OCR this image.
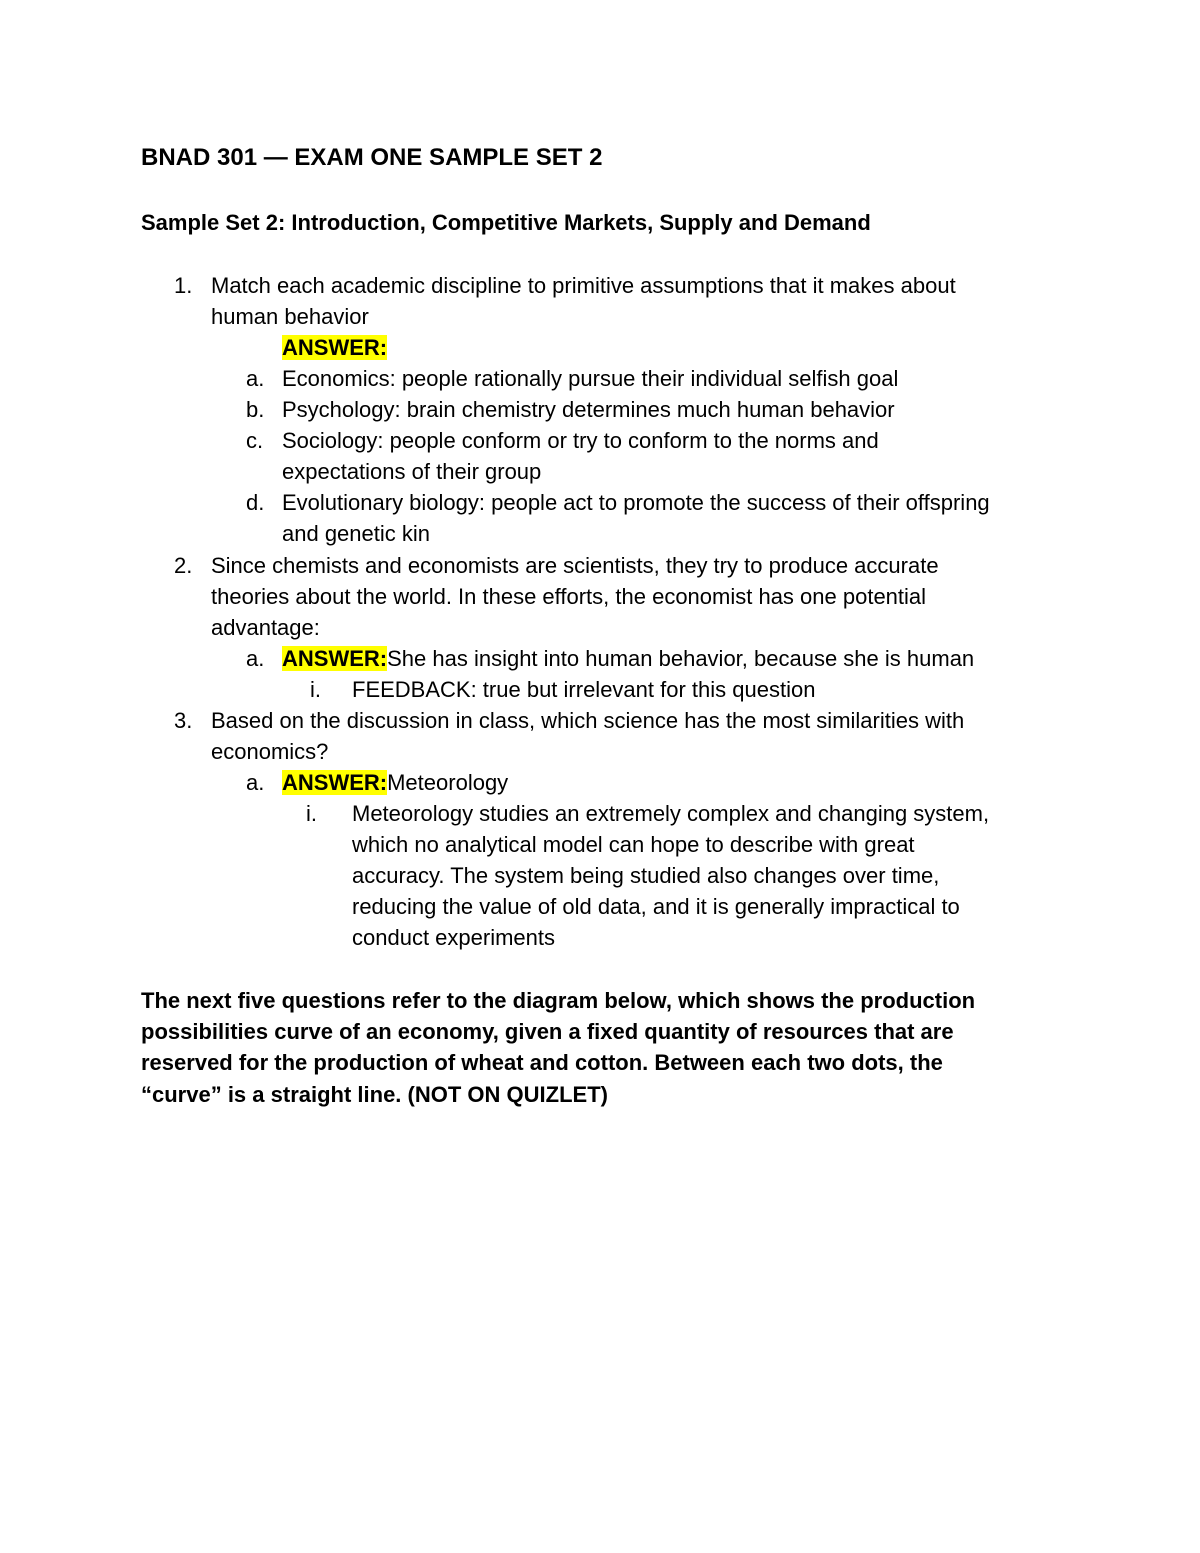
BNAD 301 — EXAM ONE SAMPLE SET 2
Sample Set 2: Introduction, Competitive Markets, Supply and Demand
1. Match each academic discipline to primitive assumptions that it makes about
human behavior
ANSWER:
a. Economics: people rationally pursue their individual selfish goal
b. Psychology: brain chemistry determines much human behavior
c. Sociology: people conform or try to conform to the norms and
expectations of their group
d. Evolutionary biology: people act to promote the success of their offspring
and genetic kin
2. Since chemists and economists are scientists, they try to produce accurate
theories about the world. In these efforts, the economist has one potential
advantage:
a. ANSWER:She has insight into human behavior, because she is human
i. FEEDBACK: true but irrelevant for this question
3. Based on the discussion in class, which science has the most similarities with
economics?
a. ANSWER:Meteorology
i. Meteorology studies an extremely complex and changing system,
which no analytical model can hope to describe with great
accuracy. The system being studied also changes over time,
reducing the value of old data, and it is generally impractical to
conduct experiments
The next five questions refer to the diagram below, which shows the production
possibilities curve of an economy, given a fixed quantity of resources that are
reserved for the production of wheat and cotton. Between each two dots, the
“curve” is a straight line. (NOT ON QUIZLET)
